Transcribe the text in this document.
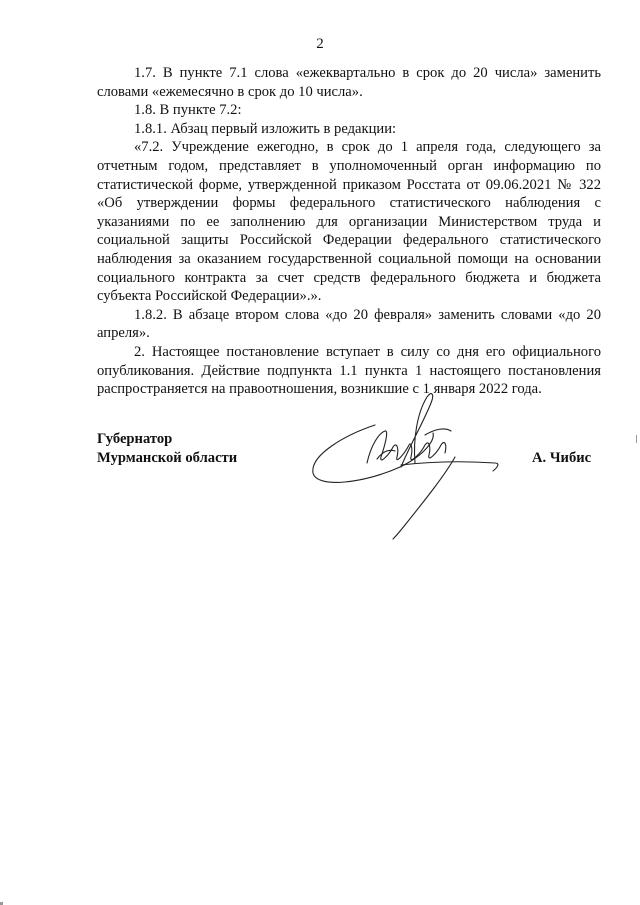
2

1.7. В пункте 7.1 слова «ежеквартально в срок до 20 числа» заменить словами «ежемесячно в срок до 10 числа».

1.8. В пункте 7.2:

1.8.1. Абзац первый изложить в редакции:

«7.2. Учреждение ежегодно, в срок до 1 апреля года, следующего за отчетным годом, представляет в уполномоченный орган информацию по статистической форме, утвержденной приказом Росстата от 09.06.2021 № 322 «Об утверждении формы федерального статистического наблюдения с указаниями по ее заполнению для организации Министерством труда и социальной защиты Российской Федерации федерального статистического наблюдения за оказанием государственной социальной помощи на основании социального контракта за счет средств федерального бюджета и бюджета субъекта Российской Федерации».».

1.8.2. В абзаце втором слова «до 20 февраля» заменить словами «до 20 апреля».

2. Настоящее постановление вступает в силу со дня его официального опубликования. Действие подпункта 1.1 пункта 1 настоящего постановления распространяется на правоотношения, возникшие с 1 января 2022 года.

Губернатор
Мурманской области	А. Чибис
